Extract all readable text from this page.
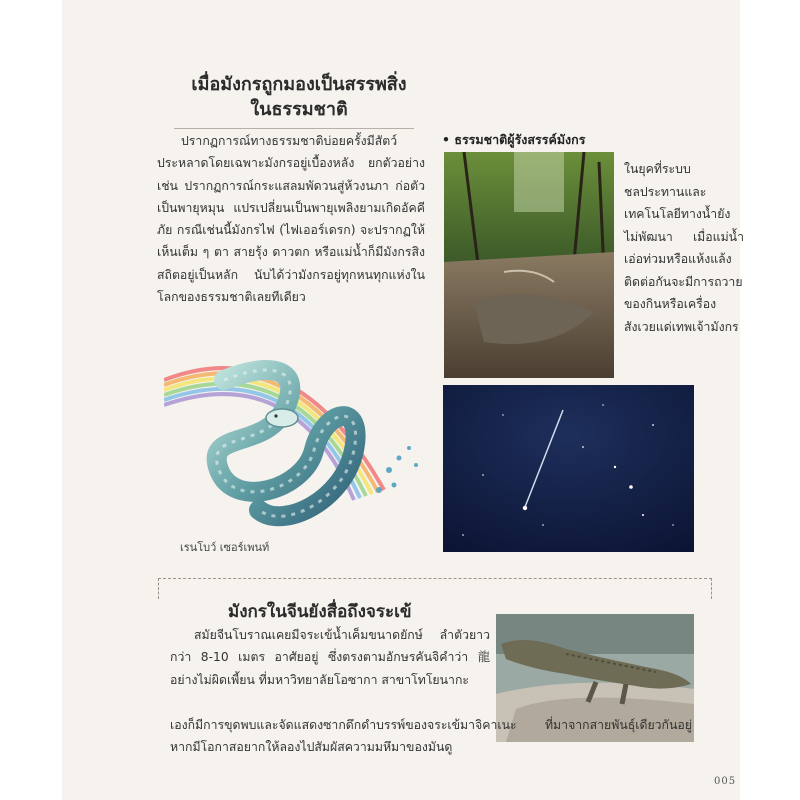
เมื่อมังกรถูกมองเป็นสรรพสิ่ง
ในธรรมชาติ
ปรากฏการณ์ทางธรรมชาติบ่อยครั้งมีสัตว์ประหลาดโดยเฉพาะมังกรอยู่เบื้องหลัง ยกตัวอย่างเช่น ปรากฏการณ์กระแสลมพัดวนสู่ห้วงนภา ก่อตัวเป็นพายุหมุน แปรเปลี่ยนเป็นพายุเพลิงยามเกิดอัคคีภัย กรณีเช่นนี้มังกรไฟ (ไฟเออร์เดรก) จะปรากฏให้เห็นเต็ม ๆ ตา สายรุ้ง ดาวตก หรือแม่น้ำก็มีมังกรสิงสถิตอยู่เป็นหลัก นับได้ว่ามังกรอยู่ทุกหนทุกแห่งในโลกของธรรมชาติเลยทีเดียว
เรนโบว์ เซอร์เพนท์
• ธรรมชาติผู้รังสรรค์มังกร
ในยุคที่ระบบชลประทานและเทคโนโลยีทางน้ำยังไม่พัฒนา เมื่อแม่น้ำเอ่อท่วมหรือแห้งแล้งติดต่อกันจะมีการถวายของกินหรือเครื่องสังเวยแด่เทพเจ้ามังกร
มังกรในจีนยังสื่อถึงจระเข้
สมัยจีนโบราณเคยมีจระเข้น้ำเค็มขนาดยักษ์ ลำตัวยาวกว่า 8-10 เมตร อาศัยอยู่ ซึ่งตรงตามอักษรคันจิคำว่า 龍 อย่างไม่ผิดเพี้ยน ที่มหาวิทยาลัยโอซากา สาขาโทโยนากะ
เองก็มีการขุดพบและจัดแสดงซากดึกดำบรรพ์ของจระเข้มาจิคาเนะ ที่มาจากสายพันธุ์เดียวกันอยู่ หากมีโอกาสอยากให้ลองไปสัมผัสความมหึมาของมันดู
005
